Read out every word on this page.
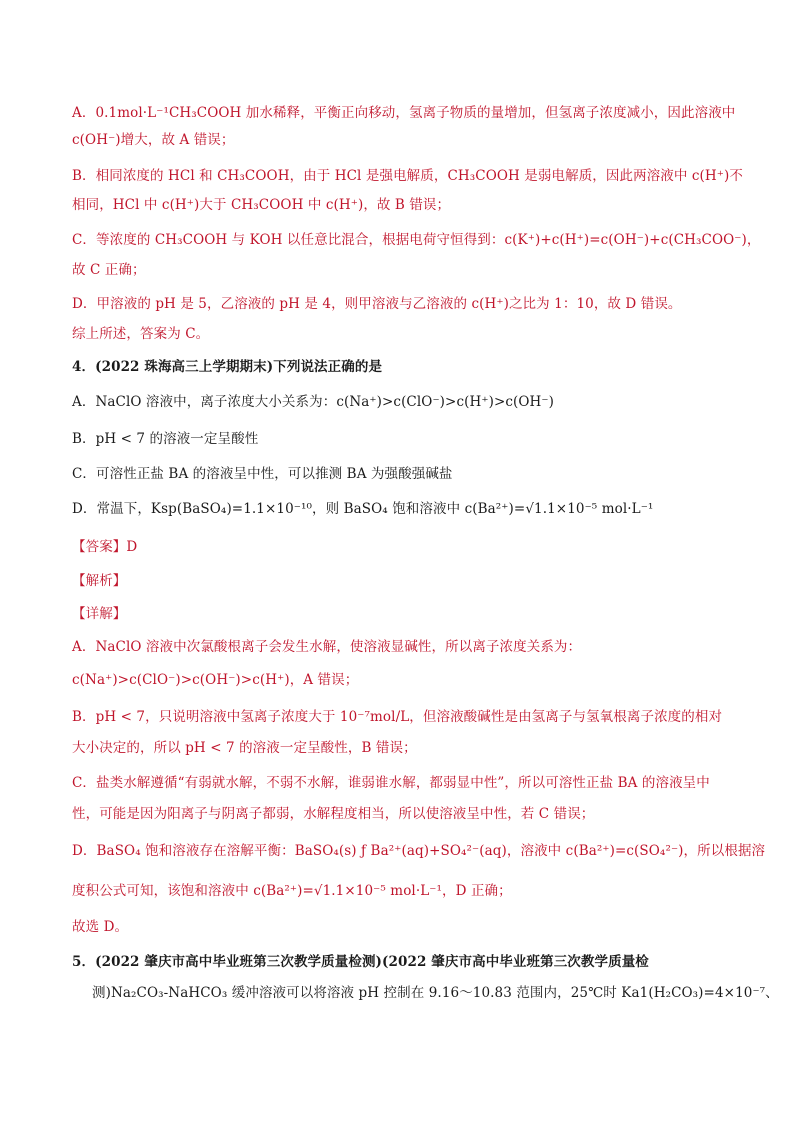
A．0.1mol·L⁻¹CH₃COOH 加水稀释，平衡正向移动，氢离子物质的量增加，但氢离子浓度减小，因此溶液中
c(OH⁻)增大，故 A 错误；
B．相同浓度的 HCl 和 CH₃COOH，由于 HCl 是强电解质，CH₃COOH 是弱电解质，因此两溶液中 c(H⁺)不
相同，HCl 中 c(H⁺)大于 CH₃COOH 中 c(H⁺)，故 B 错误；
C．等浓度的 CH₃COOH 与 KOH 以任意比混合，根据电荷守恒得到：c(K⁺)+c(H⁺)=c(OH⁻)+c(CH₃COO⁻)，
故 C 正确；
D．甲溶液的 pH 是 5，乙溶液的 pH 是 4，则甲溶液与乙溶液的 c(H⁺)之比为 1：10，故 D 错误。
综上所述，答案为 C。
4．(2022 珠海高三上学期期末)下列说法正确的是
A．NaClO 溶液中，离子浓度大小关系为：c(Na⁺)>c(ClO⁻)>c(H⁺)>c(OH⁻)
B．pH < 7 的溶液一定呈酸性
C．可溶性正盐 BA 的溶液呈中性，可以推测 BA 为强酸强碱盐
D．常温下，Ksp(BaSO₄)=1.1×10⁻¹⁰，则 BaSO₄ 饱和溶液中 c(Ba²⁺)=√1.1×10⁻⁵ mol·L⁻¹
【答案】D
【解析】
【详解】
A．NaClO 溶液中次氯酸根离子会发生水解，使溶液显碱性，所以离子浓度关系为：
c(Na⁺)>c(ClO⁻)>c(OH⁻)>c(H⁺)，A 错误；
B．pH < 7，只说明溶液中氢离子浓度大于 10⁻⁷mol/L，但溶液酸碱性是由氢离子与氢氧根离子浓度的相对
大小决定的，所以 pH < 7 的溶液一定呈酸性，B 错误；
C．盐类水解遵循“有弱就水解，不弱不水解，谁弱谁水解，都弱显中性”，所以可溶性正盐 BA 的溶液呈中
性，可能是因为阳离子与阴离子都弱，水解程度相当，所以使溶液呈中性，若 C 错误；
D．BaSO₄ 饱和溶液存在溶解平衡：BaSO₄(s) ƒ Ba²⁺(aq)+SO₄²⁻(aq)，溶液中 c(Ba²⁺)=c(SO₄²⁻)，所以根据溶
度积公式可知，该饱和溶液中 c(Ba²⁺)=√1.1×10⁻⁵ mol·L⁻¹，D 正确；
故选 D。
5．(2022 肇庆市高中毕业班第三次教学质量检测)(2022 肇庆市高中毕业班第三次教学质量检
测)Na₂CO₃-NaHCO₃ 缓冲溶液可以将溶液 pH 控制在 9.16～10.83 范围内，25℃时 Ka1(H₂CO₃)=4×10⁻⁷、
